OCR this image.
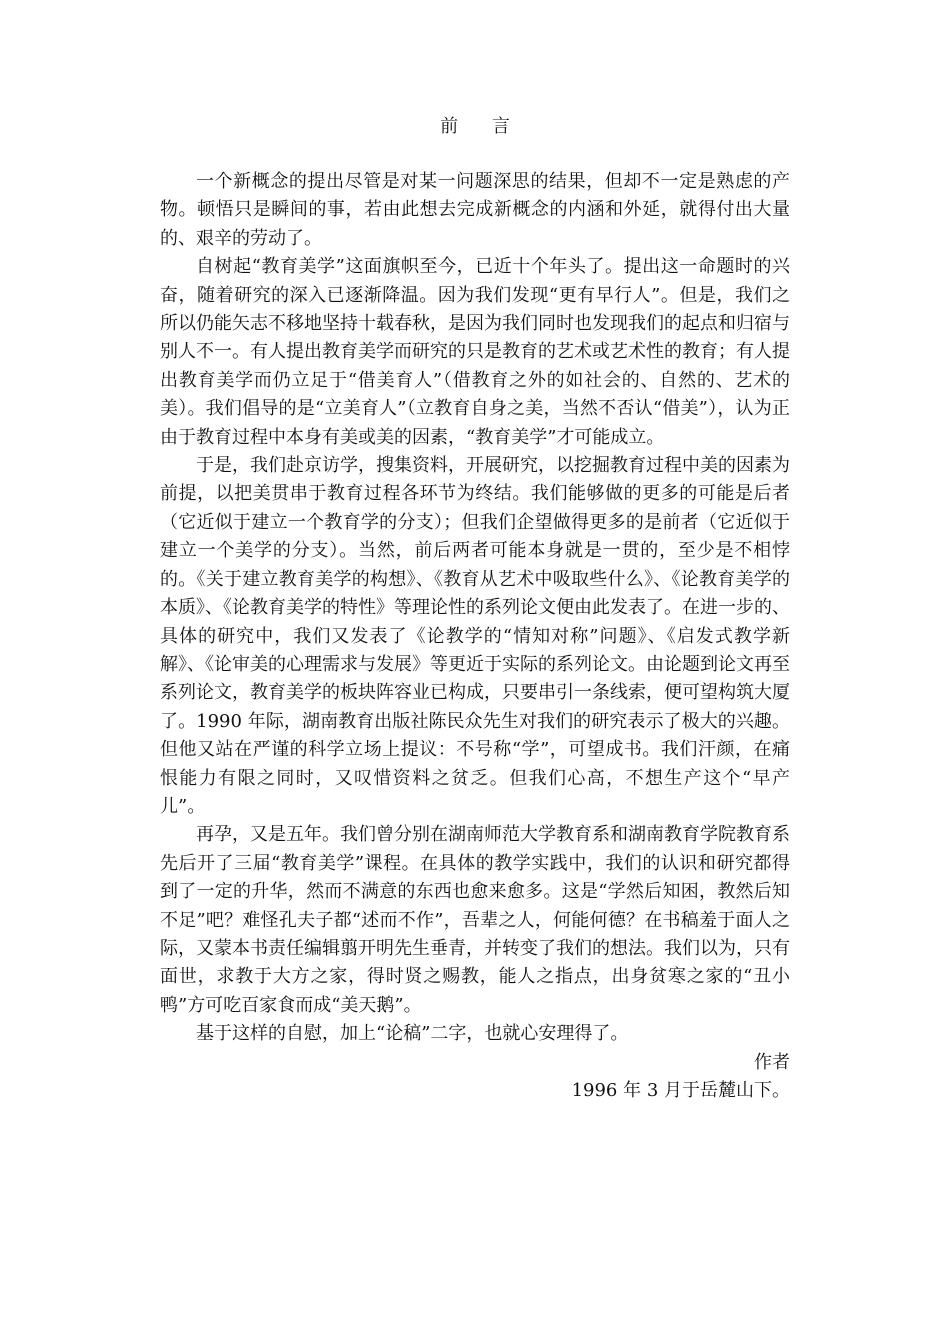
前 言

一个新概念的提出尽管是对某一问题深思的结果，但却不一定是熟虑的产物。顿悟只是瞬间的事，若由此想去完成新概念的内涵和外延，就得付出大量的、艰辛的劳动了。

自树起“教育美学”这面旗帜至今，已近十个年头了。提出这一命题时的兴奋，随着研究的深入已逐渐降温。因为我们发现“更有早行人”。但是，我们之所以仍能矢志不移地坚持十载春秋，是因为我们同时也发现我们的起点和归宿与别人不一。有人提出教育美学而研究的只是教育的艺术或艺术性的教育；有人提出教育美学而仍立足于“借美育人”（借教育之外的如社会的、自然的、艺术的美）。我们倡导的是“立美育人”（立教育自身之美，当然不否认“借美”），认为正由于教育过程中本身有美或美的因素，“教育美学”才可能成立。

于是，我们赴京访学，搜集资料，开展研究，以挖掘教育过程中美的因素为前提，以把美贯串于教育过程各环节为终结。我们能够做的更多的可能是后者（它近似于建立一个教育学的分支）；但我们企望做得更多的是前者（它近似于建立一个美学的分支）。当然，前后两者可能本身就是一贯的，至少是不相悖的。《关于建立教育美学的构想》、《教育从艺术中吸取些什么》、《论教育美学的本质》、《论教育美学的特性》等理论性的系列论文便由此发表了。在进一步的、具体的研究中，我们又发表了《论教学的“情知对称”问题》、《启发式教学新解》、《论审美的心理需求与发展》等更近于实际的系列论文。由论题到论文再至系列论文，教育美学的板块阵容业已构成，只要串引一条线索，便可望构筑大厦了。1990 年际，湖南教育出版社陈民众先生对我们的研究表示了极大的兴趣。但他又站在严谨的科学立场上提议：不号称“学”，可望成书。我们汗颜，在痛恨能力有限之同时，又叹惜资料之贫乏。但我们心高，不想生产这个“早产儿”。

再孕，又是五年。我们曾分别在湖南师范大学教育系和湖南教育学院教育系先后开了三届“教育美学”课程。在具体的教学实践中，我们的认识和研究都得到了一定的升华，然而不满意的东西也愈来愈多。这是“学然后知困，教然后知不足”吧？难怪孔夫子都“述而不作”，吾辈之人，何能何德？在书稿羞于面人之际，又蒙本书责任编辑翦开明先生垂青，并转变了我们的想法。我们以为，只有面世，求教于大方之家，得时贤之赐教，能人之指点，出身贫寒之家的“丑小鸭”方可吃百家食而成“美天鹅”。

基于这样的自慰，加上“论稿”二字，也就心安理得了。

作者

1996 年 3 月于岳麓山下。
